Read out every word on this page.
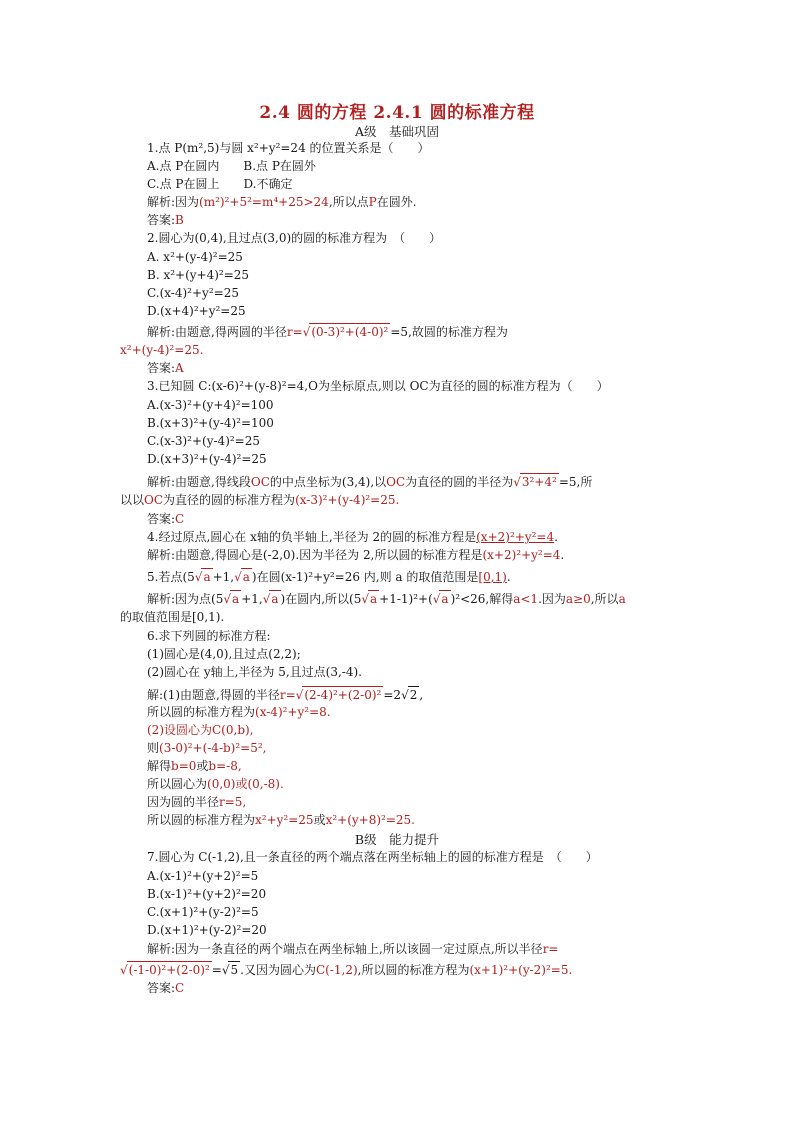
2.4 圆的方程 2.4.1 圆的标准方程
A级　基础巩固
1.点 P(m²,5)与圆 x²+y²=24 的位置关系是（　　）
A.点 P在圆内　　B.点 P在圆外
C.点 P在圆上　　D.不确定
解析:因为(m²)²+5²=m⁴+25>24,所以点P在圆外.
答案:B
2.圆心为(0,4),且过点(3,0)的圆的标准方程为　（　　）
A. x²+(y-4)²=25
B. x²+(y+4)²=25
C.(x-4)²+y²=25
D.(x+4)²+y²=25
解析:由题意,得两圆的半径r=√(0-3)²+(4-0)² =5,故圆的标准方程为
x²+(y-4)²=25.
答案:A
3.已知圆 C:(x-6)²+(y-8)²=4,O为坐标原点,则以 OC为直径的圆的标准方程为（　　）
A.(x-3)²+(y+4)²=100
B.(x+3)²+(y-4)²=100
C.(x-3)²+(y-4)²=25
D.(x+3)²+(y-4)²=25
解析:由题意,得线段OC的中点坐标为(3,4),以OC为直径的圆的半径为√3²+4² =5,所
以以OC为直径的圆的标准方程为(x-3)²+(y-4)²=25.
答案:C
4.经过原点,圆心在 x轴的负半轴上,半径为 2的圆的标准方程是(x+2)²+y²=4.
解析:由题意,得圆心是(-2,0).因为半径为 2,所以圆的标准方程是(x+2)²+y²=4.
5.若点(5√a +1,√a )在圆(x-1)²+y²=26 内,则 a 的取值范围是[0,1).
解析:因为点(5√a +1,√a )在圆内,所以(5√a +1-1)²+(√a )²<26,解得a<1.因为a≥0,所以a
的取值范围是[0,1).
6.求下列圆的标准方程:
(1)圆心是(4,0),且过点(2,2);
(2)圆心在 y轴上,半径为 5,且过点(3,-4).
解:(1)由题意,得圆的半径r=√(2-4)²+(2-0)² =2√2 ,
所以圆的标准方程为(x-4)²+y²=8.
(2)设圆心为C(0,b),
则(3-0)²+(-4-b)²=5²,
解得b=0或b=-8,
所以圆心为(0,0)或(0,-8).
因为圆的半径r=5,
所以圆的标准方程为x²+y²=25或x²+(y+8)²=25.
B级　能力提升
7.圆心为 C(-1,2),且一条直径的两个端点落在两坐标轴上的圆的标准方程是　（　　）
A.(x-1)²+(y+2)²=5
B.(x-1)²+(y+2)²=20
C.(x+1)²+(y-2)²=5
D.(x+1)²+(y-2)²=20
解析:因为一条直径的两个端点在两坐标轴上,所以该圆一定过原点,所以半径r=
√(-1-0)²+(2-0)² =√5 .又因为圆心为C(-1,2),所以圆的标准方程为(x+1)²+(y-2)²=5.
答案:C
